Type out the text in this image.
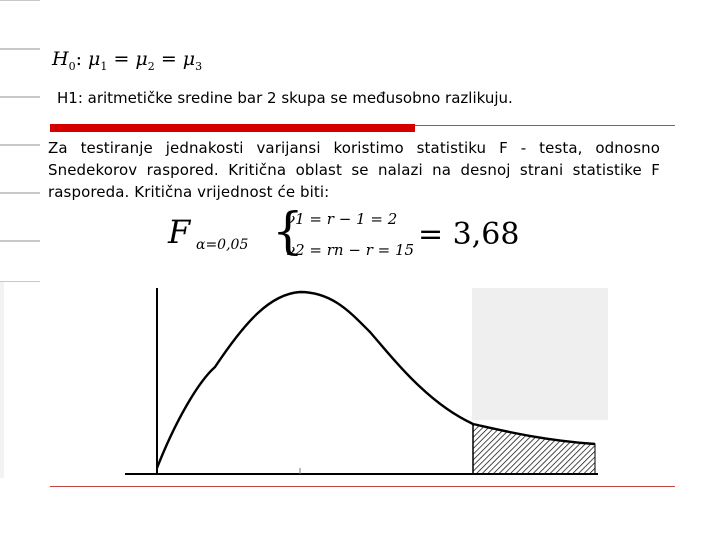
$H_0$: $\mu_1 = \mu_2 = \mu_3$
H1: aritmetičke sredine bar 2 skupa se međusobno razlikuju.
Za testiranje jednakosti varijansi koristimo statistiku F - testa, odnosno Snedekorov raspored. Kritična oblast se nalazi na desnoj strani statistike F rasporeda. Kritična vrijednost će biti:
F α=0,05 {
ν1 = r − 1 = 2
ν2 = rn − r = 15 = 3,68
